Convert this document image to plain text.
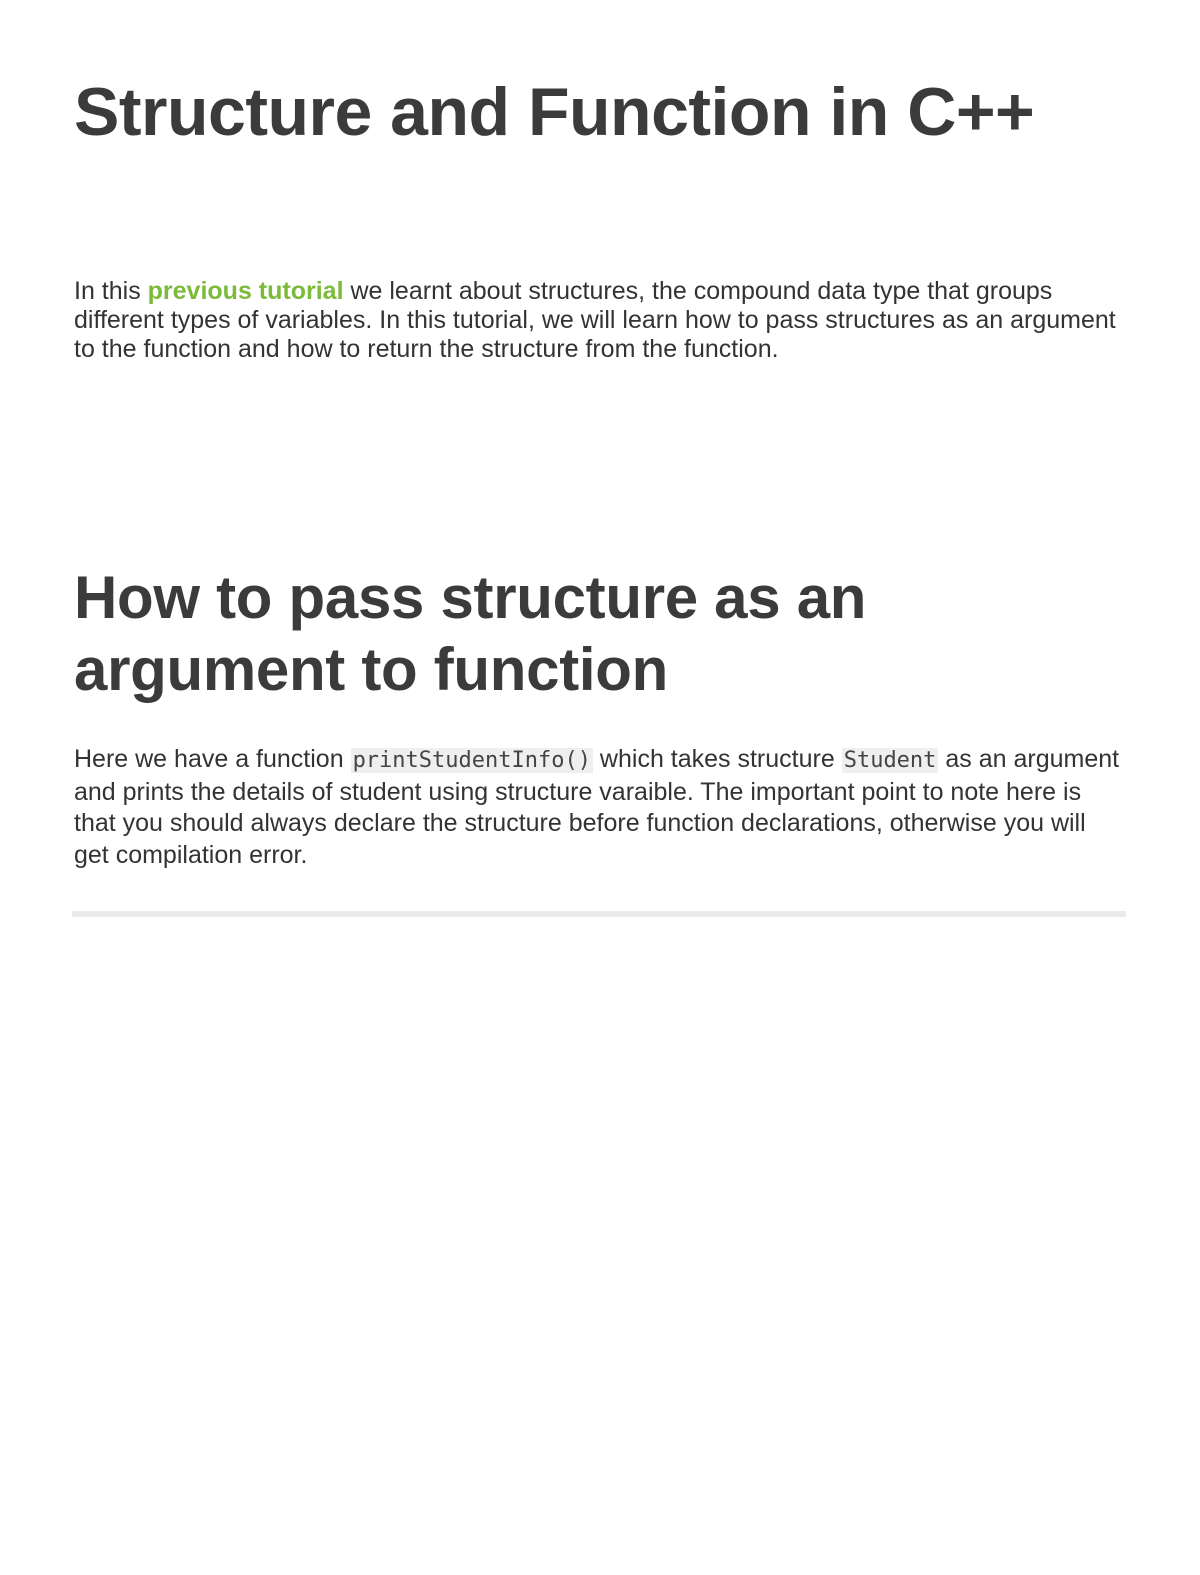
Structure and Function in C++

In this previous tutorial we learnt about structures, the compound data type that groups different types of variables. In this tutorial, we will learn how to pass structures as an argument to the function and how to return the structure from the function.

How to pass structure as an argument to function

Here we have a function printStudentInfo() which takes structure Student as an argument and prints the details of student using structure varaible. The important point to note here is that you should always declare the structure before function declarations, otherwise you will get compilation error.
